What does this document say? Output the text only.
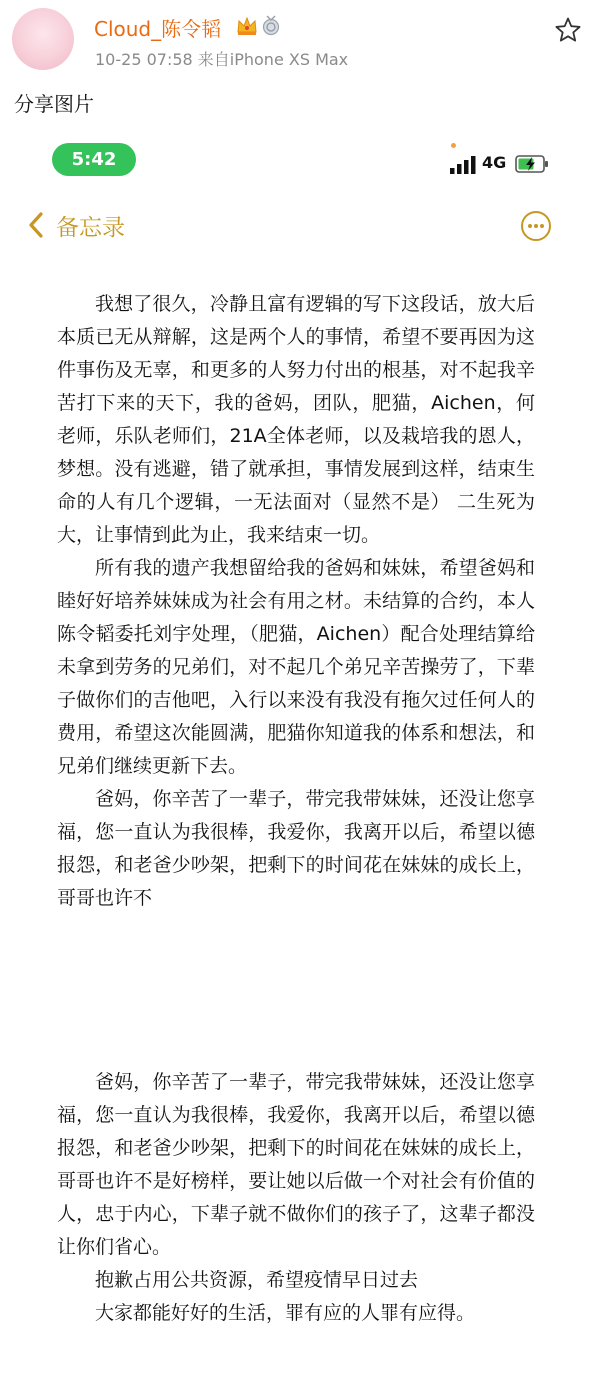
Cloud_陈令韬
10-25 07:58 来自iPhone XS Max
分享图片
5:42	4G
备忘录

我想了很久，冷静且富有逻辑的写下这段话，放大后本质已无从辩解，这是两个人的事情，希望不要再因为这件事伤及无辜，和更多的人努力付出的根基，对不起我辛苦打下来的天下，我的爸妈，团队，肥猫，Aichen，何老师，乐队老师们，21A全体老师，以及栽培我的恩人，梦想。没有逃避，错了就承担，事情发展到这样，结束生命的人有几个逻辑，一无法面对（显然不是） 二生死为大，让事情到此为止，我来结束一切。

所有我的遗产我想留给我的爸妈和妹妹，希望爸妈和睦好好培养妹妹成为社会有用之材。未结算的合约，本人陈令韬委托刘宇处理，（肥猫，Aichen）配合处理结算给未拿到劳务的兄弟们，对不起几个弟兄辛苦操劳了，下辈子做你们的吉他吧，入行以来没有我没有拖欠过任何人的费用，希望这次能圆满，肥猫你知道我的体系和想法，和兄弟们继续更新下去。

爸妈，你辛苦了一辈子，带完我带妹妹，还没让您享福，您一直认为我很棒，我爱你，我离开以后，希望以德报怨，和老爸少吵架，把剩下的时间花在妹妹的成长上，哥哥也许不

爸妈，你辛苦了一辈子，带完我带妹妹，还没让您享福，您一直认为我很棒，我爱你，我离开以后，希望以德报怨，和老爸少吵架，把剩下的时间花在妹妹的成长上，哥哥也许不是好榜样，要让她以后做一个对社会有价值的人，忠于内心，下辈子就不做你们的孩子了，这辈子都没让你们省心。

抱歉占用公共资源，希望疫情早日过去

大家都能好好的生活，罪有应的人罪有应得。
